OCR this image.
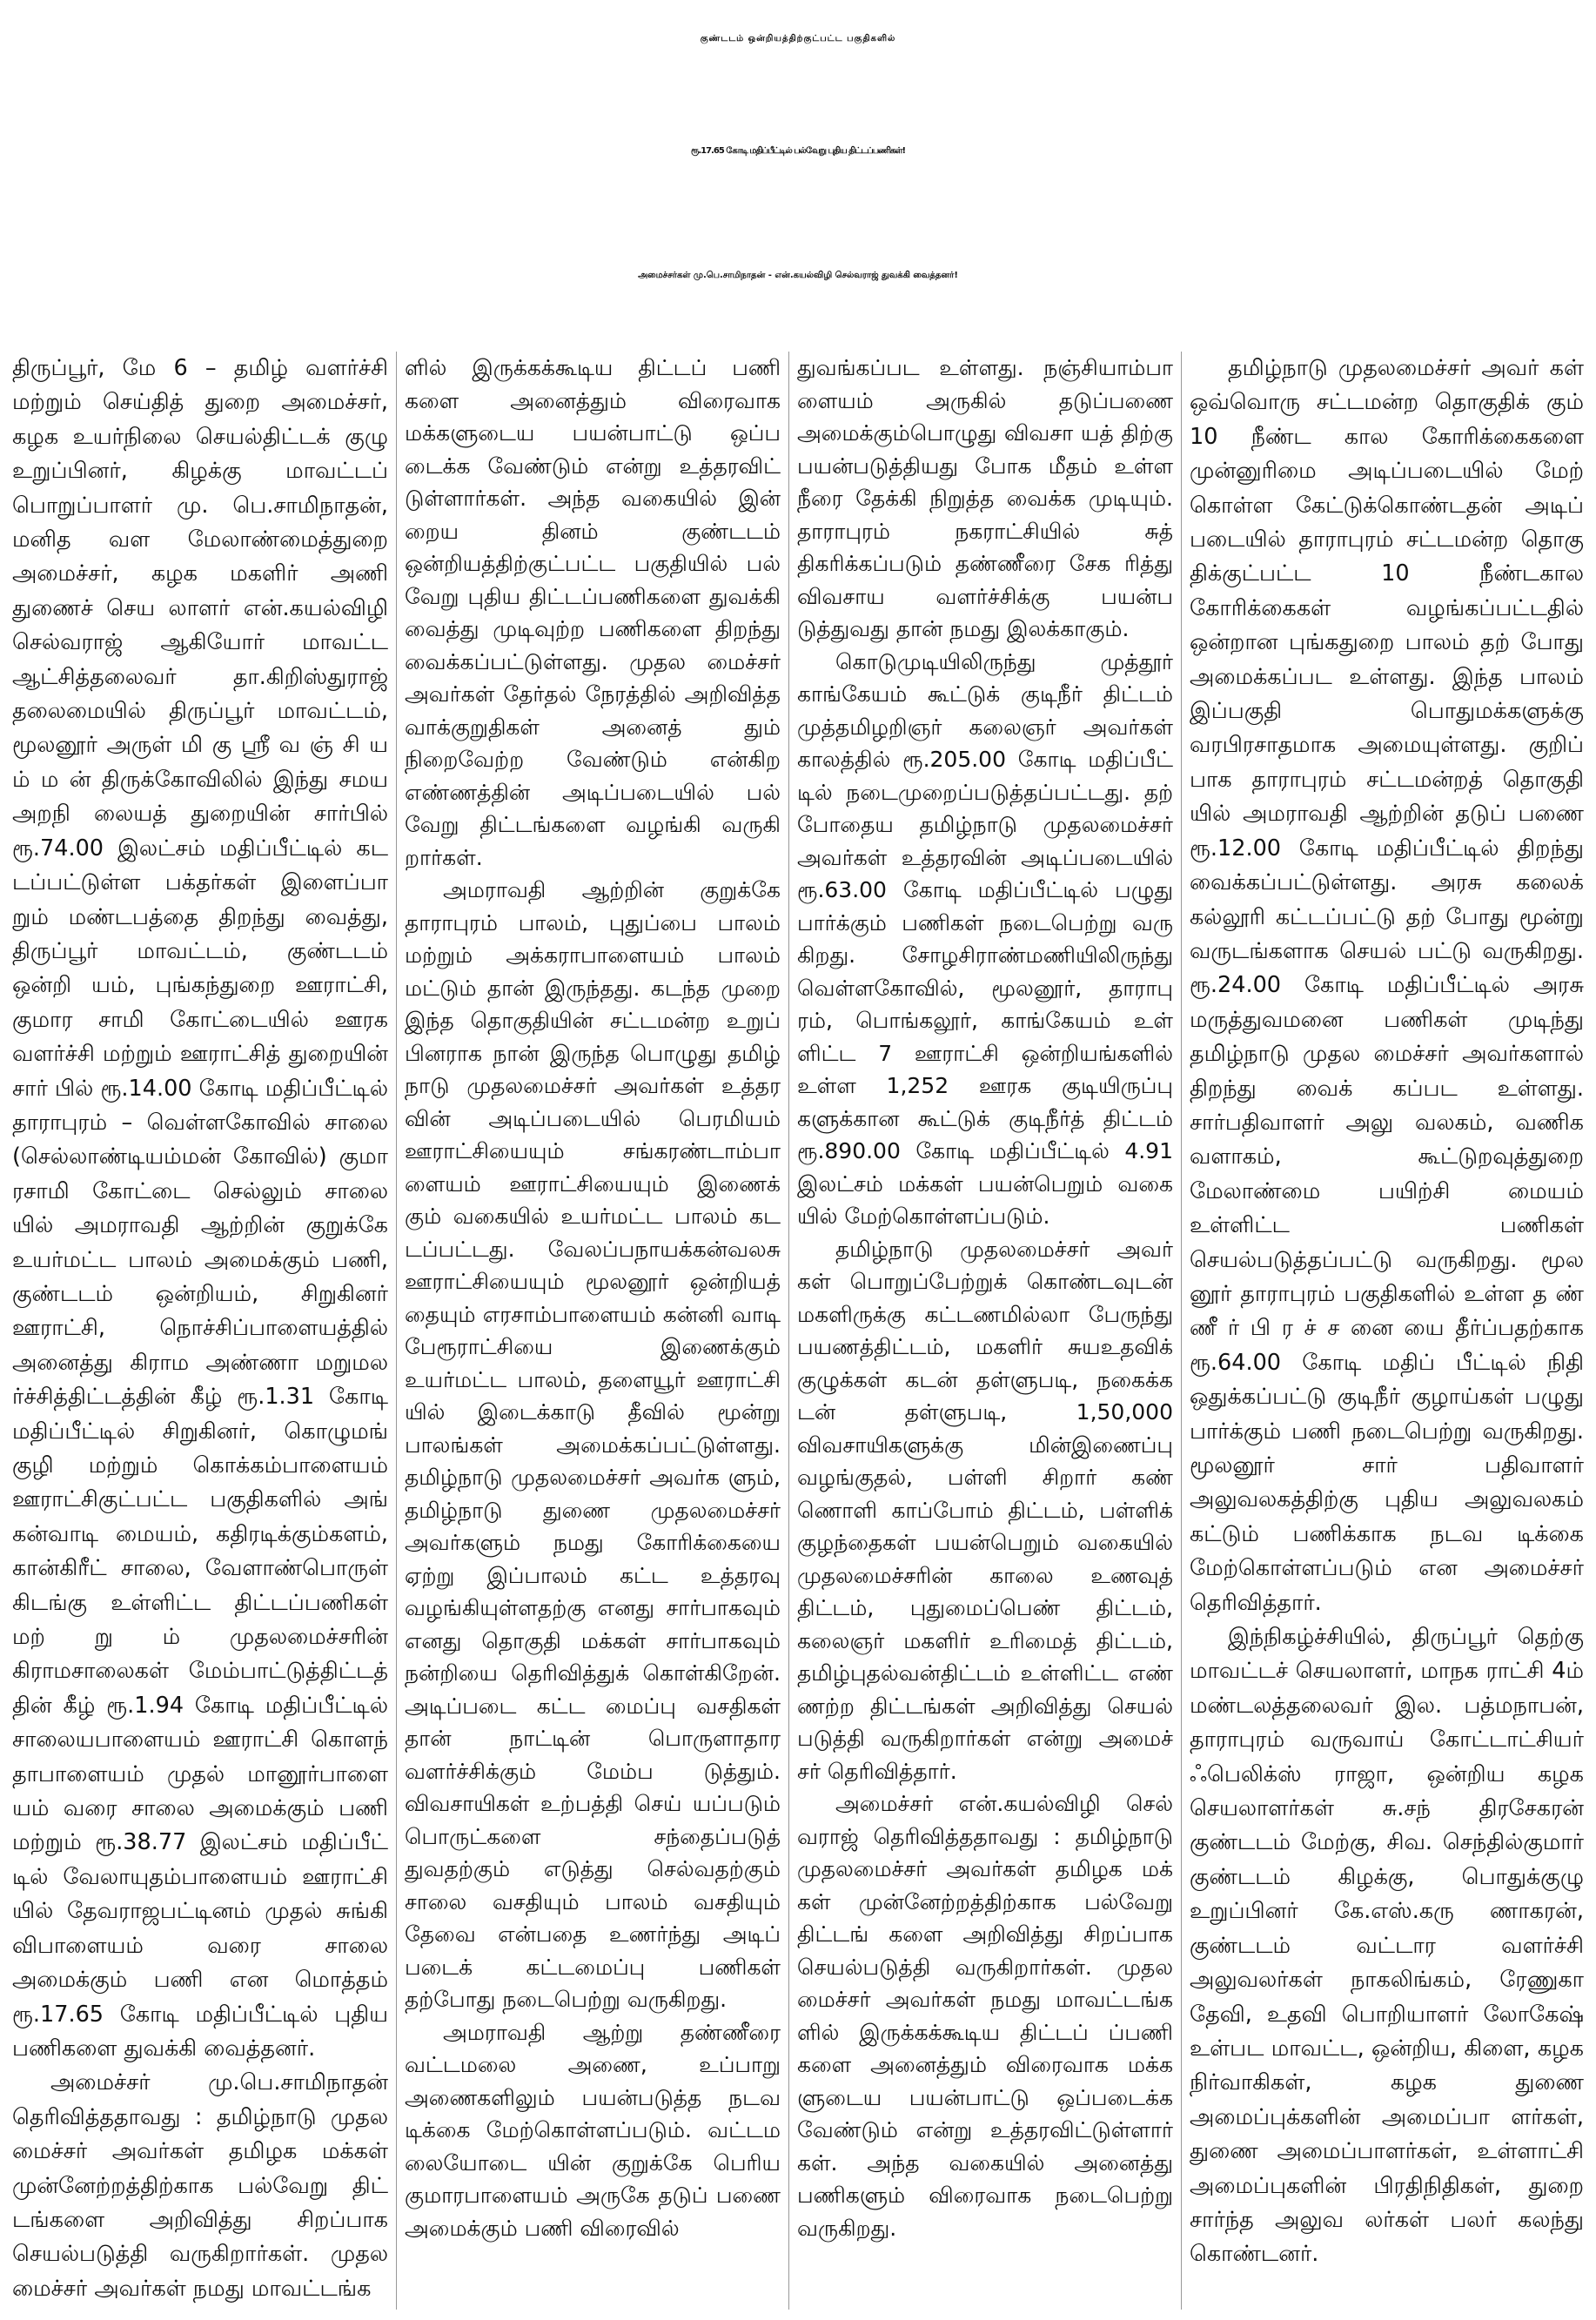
குண்டடம் ஒன்றியத்திற்குட்பட்ட பகுதிகளில்
ரூ.17.65 கோடி மதிப்பீட்டில் பல்வேறு புதிய திட்டப்பணிகள்!
அமைச்சர்கள் மு.பெ.சாமிநாதன் - என்.கயல்விழி செல்வராஜ் துவக்கி வைத்தனர்!

திருப்பூர், மே 6 – தமிழ் வளர்ச்சி மற்றும் செய்தித் துறை அமைச்சர், கழக உயர்நிலை செயல்திட்டக் குழு உறுப்பினர், கிழக்கு மாவட்டப் பொறுப்பாளர் மு. பெ.சாமிநாதன், மனித வள மேலாண்மைத்துறை அமைச்சர், கழக மகளிர் அணி துணைச் செய லாளர் என்.கயல்விழி செல்வராஜ் ஆகியோர் மாவட்ட ஆட்சித்தலைவர் தா.கிறிஸ்துராஜ் தலைமையில் திருப்பூர் மாவட்டம், மூலனூர் அருள் மி கு ஸ்ரீ வ ஞ் சி ய ம் ம ன் திருக்கோவிலில் இந்து சமய அறநி லையத் துறையின் சார்பில் ரூ.74.00 இலட்சம் மதிப்பீட்டில் கட டப்பட்டுள்ள பக்தர்கள் இளைப்பா றும் மண்டபத்தை திறந்து வைத்து, திருப்பூர் மாவட்டம், குண்டடம் ஒன்றி யம், புங்கந்துறை ஊராட்சி, குமார சாமி கோட்டையில் ஊரக வளர்ச்சி மற்றும் ஊராட்சித் துறையின் சார் பில் ரூ.14.00 கோடி மதிப்பீட்டில் தாராபுரம் – வெள்ளகோவில் சாலை (செல்லாண்டியம்மன் கோவில்) குமா ரசாமி கோட்டை செல்லும் சாலை யில் அமராவதி ஆற்றின் குறுக்கே உயர்மட்ட பாலம் அமைக்கும் பணி, குண்டடம் ஒன்றியம், சிறுகினர் ஊராட்சி, நொச்சிப்பாளையத்தில் அனைத்து கிராம அண்ணா மறுமல ர்ச்சித்திட்டத்தின் கீழ் ரூ.1.31 கோடி மதிப்பீட்டில் சிறுகினர், கொழுமங் குழி மற்றும் கொக்கம்பாளையம் ஊராட்சிகுட்பட்ட பகுதிகளில் அங் கன்வாடி மையம், கதிரடிக்கும்களம், கான்கிரீட் சாலை, வேளாண்பொருள் கிடங்கு உள்ளிட்ட திட்டப்பணிகள் மற் று ம் முதலமைச்சரின் கிராமசாலைகள் மேம்பாட்டுத்திட்டத் தின் கீழ் ரூ.1.94 கோடி மதிப்பீட்டில் சாலையபாளையம் ஊராட்சி கொளந் தாபாளையம் முதல் மானூர்பாளை யம் வரை சாலை அமைக்கும் பணி மற்றும் ரூ.38.77 இலட்சம் மதிப்பீட் டில் வேலாயுதம்பாளையம் ஊராட்சி யில் தேவராஜபட்டினம் முதல் சுங்கி விபாளையம் வரை சாலை அமைக்கும் பணி என மொத்தம் ரூ.17.65 கோடி மதிப்பீட்டில் புதிய பணிகளை துவக்கி வைத்தனர்.

அமைச்சர் மு.பெ.சாமிநாதன் தெரிவித்ததாவது : தமிழ்நாடு முதல மைச்சர் அவர்கள் தமிழக மக்கள் முன்னேற்றத்திற்காக பல்வேறு திட் டங்களை அறிவித்து சிறப்பாக செயல்படுத்தி வருகிறார்கள். முதல மைச்சர் அவர்கள் நமது மாவட்டங்க

ளில் இருக்கக்கூடிய திட்டப் பணி களை அனைத்தும் விரைவாக மக்களுடைய பயன்பாட்டு ஒப்ப டைக்க வேண்டும் என்று உத்தரவிட் டுள்ளார்கள். அந்த வகையில் இன் றைய தினம் குண்டடம் ஒன்றியத்திற்குட்பட்ட பகுதியில் பல் வேறு புதிய திட்டப்பணிகளை துவக்கி வைத்து முடிவுற்ற பணிகளை திறந்து வைக்கப்பட்டுள்ளது. முதல மைச்சர் அவர்கள் தேர்தல் நேரத்தில் அறிவித்த வாக்குறுதிகள் அனைத் தும் நிறைவேற்ற வேண்டும் என்கிற எண்ணத்தின் அடிப்படையில் பல் வேறு திட்டங்களை வழங்கி வருகி றார்கள்.

அமராவதி ஆற்றின் குறுக்கே தாராபுரம் பாலம், புதுப்பை பாலம் மற்றும் அக்கராபாளையம் பாலம் மட்டும் தான் இருந்தது. கடந்த முறை இந்த தொகுதியின் சட்டமன்ற உறுப் பினராக நான் இருந்த பொழுது தமிழ் நாடு முதலமைச்சர் அவர்கள் உத்தர வின் அடிப்படையில் பெரமியம் ஊராட்சியையும் சங்கரண்டாம்பா ளையம் ஊராட்சியையும் இணைக் கும் வகையில் உயர்மட்ட பாலம் கட டப்பட்டது. வேலப்பநாயக்கன்வலசு ஊராட்சியையும் மூலனூர் ஒன்றியத் தையும் எரசாம்பாளையம் கன்னி வாடி பேரூராட்சியை இணைக்கும் உயர்மட்ட பாலம், தளையூர் ஊராட்சி யில் இடைக்காடு தீவில் மூன்று பாலங்கள் அமைக்கப்பட்டுள்ளது. தமிழ்நாடு முதலமைச்சர் அவர்க ளும், தமிழ்நாடு துணை முதலமைச்சர் அவர்களும் நமது கோரிக்கையை ஏற்று இப்பாலம் கட்ட உத்தரவு வழங்கியுள்ளதற்கு எனது சார்பாகவும் எனது தொகுதி மக்கள் சார்பாகவும் நன்றியை தெரிவித்துக் கொள்கிறேன். அடிப்படை கட்ட மைப்பு வசதிகள் தான் நாட்டின் பொருளாதார வளர்ச்சிக்கும் மேம்ப டுத்தும். விவசாயிகள் உற்பத்தி செய் யப்படும் பொருட்களை சந்தைப்படுத் துவதற்கும் எடுத்து செல்வதற்கும் சாலை வசதியும் பாலம் வசதியும் தேவை என்பதை உணர்ந்து அடிப் படைக் கட்டமைப்பு பணிகள் தற்போது நடைபெற்று வருகிறது.

அமராவதி ஆற்று தண்ணீரை வட்டமலை அணை, உப்பாறு அணைகளிலும் பயன்படுத்த நடவ டிக்கை மேற்கொள்ளப்படும். வட்டம லையோடை யின் குறுக்கே பெரிய குமாரபாளையம் அருகே தடுப் பணை அமைக்கும் பணி விரைவில்

துவங்கப்பட உள்ளது. நஞ்சியாம்பா ளையம் அருகில் தடுப்பணை அமைக்கும்பொழுது விவசா யத் திற்கு பயன்படுத்தியது போக மீதம் உள்ள நீரை தேக்கி நிறுத்த வைக்க முடியும். தாராபுரம் நகராட்சியில் சுத் திகரிக்கப்படும் தண்ணீரை சேக ரித்து விவசாய வளர்ச்சிக்கு பயன்ப டுத்துவது தான் நமது இலக்காகும்.

கொடுமுடியிலிருந்து முத்தூர் காங்கேயம் கூட்டுக் குடிநீர் திட்டம் முத்தமிழறிஞர் கலைஞர் அவர்கள் காலத்தில் ரூ.205.00 கோடி மதிப்பீட் டில் நடைமுறைப்படுத்தப்பட்டது. தற் போதைய தமிழ்நாடு முதலமைச்சர் அவர்கள் உத்தரவின் அடிப்படையில் ரூ.63.00 கோடி மதிப்பீட்டில் பழுது பார்க்கும் பணிகள் நடைபெற்று வரு கிறது. சோழசிராண்மணியிலிருந்து வெள்ளகோவில், மூலனூர், தாராபு ரம், பொங்கலூர், காங்கேயம் உள் ளிட்ட 7 ஊராட்சி ஒன்றியங்களில் உள்ள 1,252 ஊரக குடியிருப்பு களுக்கான கூட்டுக் குடிநீர்த் திட்டம் ரூ.890.00 கோடி மதிப்பீட்டில் 4.91 இலட்சம் மக்கள் பயன்பெறும் வகை யில் மேற்கொள்ளப்படும்.

தமிழ்நாடு முதலமைச்சர் அவர் கள் பொறுப்பேற்றுக் கொண்டவுடன் மகளிருக்கு கட்டணமில்லா பேருந்து பயணத்திட்டம், மகளிர் சுயஉதவிக் குழுக்கள் கடன் தள்ளுபடி, நகைக்க டன் தள்ளுபடி, 1,50,000 விவசாயிகளுக்கு மின்இணைப்பு வழங்குதல், பள்ளி சிறார் கண் ணொளி காப்போம் திட்டம், பள்ளிக் குழந்தைகள் பயன்பெறும் வகையில் முதலமைச்சரின் காலை உணவுத் திட்டம், புதுமைப்பெண் திட்டம், கலைஞர் மகளிர் உரிமைத் திட்டம், தமிழ்புதல்வன்திட்டம் உள்ளிட்ட எண் ணற்ற திட்டங்கள் அறிவித்து செயல் படுத்தி வருகிறார்கள் என்று அமைச் சர் தெரிவித்தார்.

அமைச்சர் என்.கயல்விழி செல் வராஜ் தெரிவித்ததாவது : தமிழ்நாடு முதலமைச்சர் அவர்கள் தமிழக மக் கள் முன்னேற்றத்திற்காக பல்வேறு திட்டங் களை அறிவித்து சிறப்பாக செயல்படுத்தி வருகிறார்கள். முதல மைச்சர் அவர்கள் நமது மாவட்டங்க ளில் இருக்கக்கூடிய திட்டப் ப்பணி களை அனைத்தும் விரைவாக மக்க ளுடைய பயன்பாட்டு ஒப்படைக்க வேண்டும் என்று உத்தரவிட்டுள்ளார் கள். அந்த வகையில் அனைத்து பணிகளும் விரைவாக நடைபெற்று வருகிறது.

தமிழ்நாடு முதலமைச்சர் அவர் கள் ஒவ்வொரு சட்டமன்ற தொகுதிக் கும் 10 நீண்ட கால கோரிக்கைகளை முன்னுரிமை அடிப்படையில் மேற் கொள்ள கேட்டுக்கொண்டதன் அடிப் படையில் தாராபுரம் சட்டமன்ற தொகு திக்குட்பட்ட 10 நீண்டகால கோரிக்கைகள் வழங்கப்பட்டதில் ஒன்றான புங்கதுறை பாலம் தற் போது அமைக்கப்பட உள்ளது. இந்த பாலம் இப்பகுதி பொதுமக்களுக்கு வரபிரசாதமாக அமையுள்ளது. குறிப் பாக தாராபுரம் சட்டமன்றத் தொகுதி யில் அமராவதி ஆற்றின் தடுப் பணை ரூ.12.00 கோடி மதிப்பீட்டில் திறந்து வைக்கப்பட்டுள்ளது. அரசு கலைக் கல்லூரி கட்டப்பட்டு தற் போது மூன்று வருடங்களாக செயல் பட்டு வருகிறது. ரூ.24.00 கோடி மதிப்பீட்டில் அரசு மருத்துவமனை பணிகள் முடிந்து தமிழ்நாடு முதல மைச்சர் அவர்களால் திறந்து வைக் கப்பட உள்ளது. சார்பதிவாளர் அலு வலகம், வணிக வளாகம், கூட்டுறவுத்துறை மேலாண்மை பயிற்சி மையம் உள்ளிட்ட பணிகள் செயல்படுத்தப்பட்டு வருகிறது. மூல னூர் தாராபுரம் பகுதிகளில் உள்ள த ண் ணீ ர் பி ர ச் ச னை யை தீர்ப்பதற்காக ரூ.64.00 கோடி மதிப் பீட்டில் நிதி ஒதுக்கப்பட்டு குடிநீர் குழாய்கள் பழுது பார்க்கும் பணி நடைபெற்று வருகிறது. மூலனூர் சார் பதிவாளர் அலுவலகத்திற்கு புதிய அலுவலகம் கட்டும் பணிக்காக நடவ டிக்கை மேற்கொள்ளப்படும் என அமைச்சர் தெரிவித்தார்.

இந்நிகழ்ச்சியில், திருப்பூர் தெற்கு மாவட்டச் செயலாளர், மாநக ராட்சி 4ம் மண்டலத்தலைவர் இல. பத்மநாபன், தாராபுரம் வருவாய் கோட்டாட்சியர் ஃபெலிக்ஸ் ராஜா, ஒன்றிய கழக செயலாளர்கள் சு.சந் திரசேகரன் குண்டடம் மேற்கு, சிவ. செந்தில்குமார் குண்டடம் கிழக்கு, பொதுக்குழு உறுப்பினர் கே.எஸ்.கரு ணாகரன், குண்டடம் வட்டார வளர்ச்சி அலுவலர்கள் நாகலிங்கம், ரேணுகா தேவி, உதவி பொறியாளர் லோகேஷ் உள்பட மாவட்ட, ஒன்றிய, கிளை, கழக நிர்வாகிகள், கழக துணை அமைப்புக்களின் அமைப்பா ளர்கள், துணை அமைப்பாளர்கள், உள்ளாட்சி அமைப்புகளின் பிரதிநிதிகள், துறை சார்ந்த அலுவ லர்கள் பலர் கலந்து கொண்டனர்.
